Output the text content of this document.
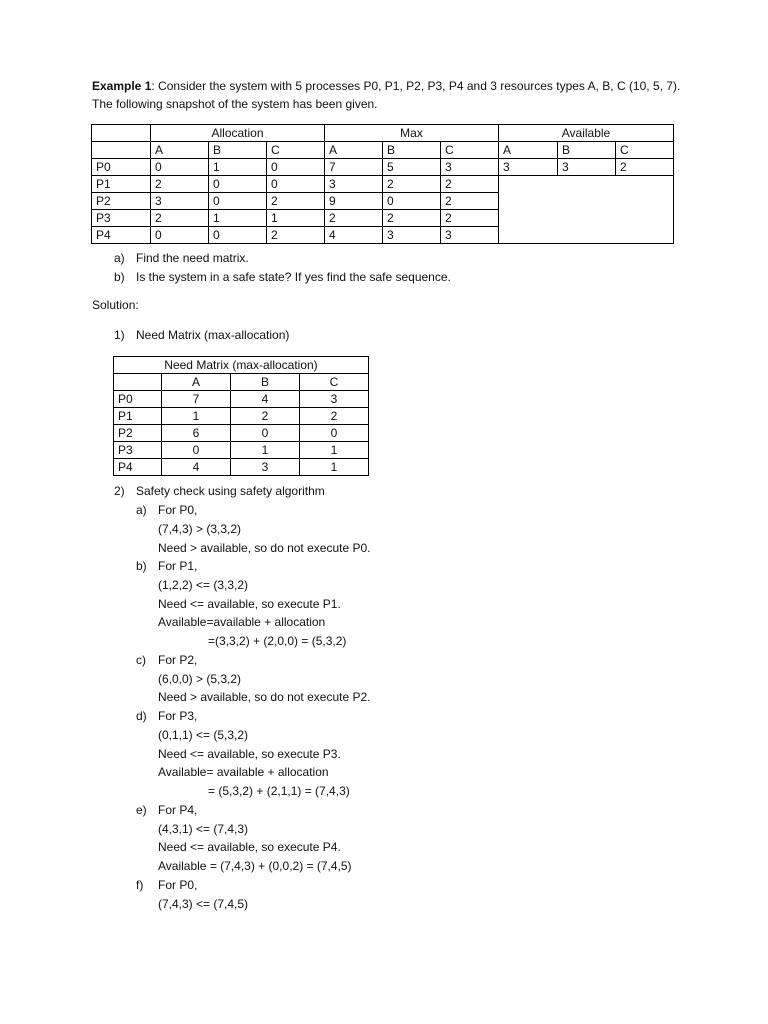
Example 1: Consider the system with 5 processes P0, P1, P2, P3, P4 and 3 resources types A, B, C (10, 5, 7). The following snapshot of the system has been given.
	Allocation			Max			Available		
	A	B	C	A	B	C	A	B	C
P0	0	1	0	7	5	3	3	3	2
P1	2	0	0	3	2	2			
P2	3	0	2	9	0	2			
P3	2	1	1	2	2	2			
P4	0	0	2	4	3	3			
a) Find the need matrix.
b) Is the system in a safe state? If yes find the safe sequence.
Solution:
1) Need Matrix (max-allocation)
Need Matrix (max-allocation)			
	A	B	C
P0	7	4	3
P1	1	2	2
P2	6	0	0
P3	0	1	1
P4	4	3	1
2) Safety check using safety algorithm
a) For P0,
(7,4,3) > (3,3,2)
Need > available, so do not execute P0.
b) For P1,
(1,2,2) <= (3,3,2)
Need <= available, so execute P1.
Available=available + allocation
=(3,3,2) + (2,0,0) = (5,3,2)
c) For P2,
(6,0,0) > (5,3,2)
Need > available, so do not execute P2.
d) For P3,
(0,1,1) <= (5,3,2)
Need <= available, so execute P3.
Available= available + allocation
= (5,3,2) + (2,1,1) = (7,4,3)
e) For P4,
(4,3,1) <= (7,4,3)
Need <= available, so execute P4.
Available = (7,4,3) + (0,0,2) = (7,4,5)
f) For P0,
(7,4,3) <= (7,4,5)
